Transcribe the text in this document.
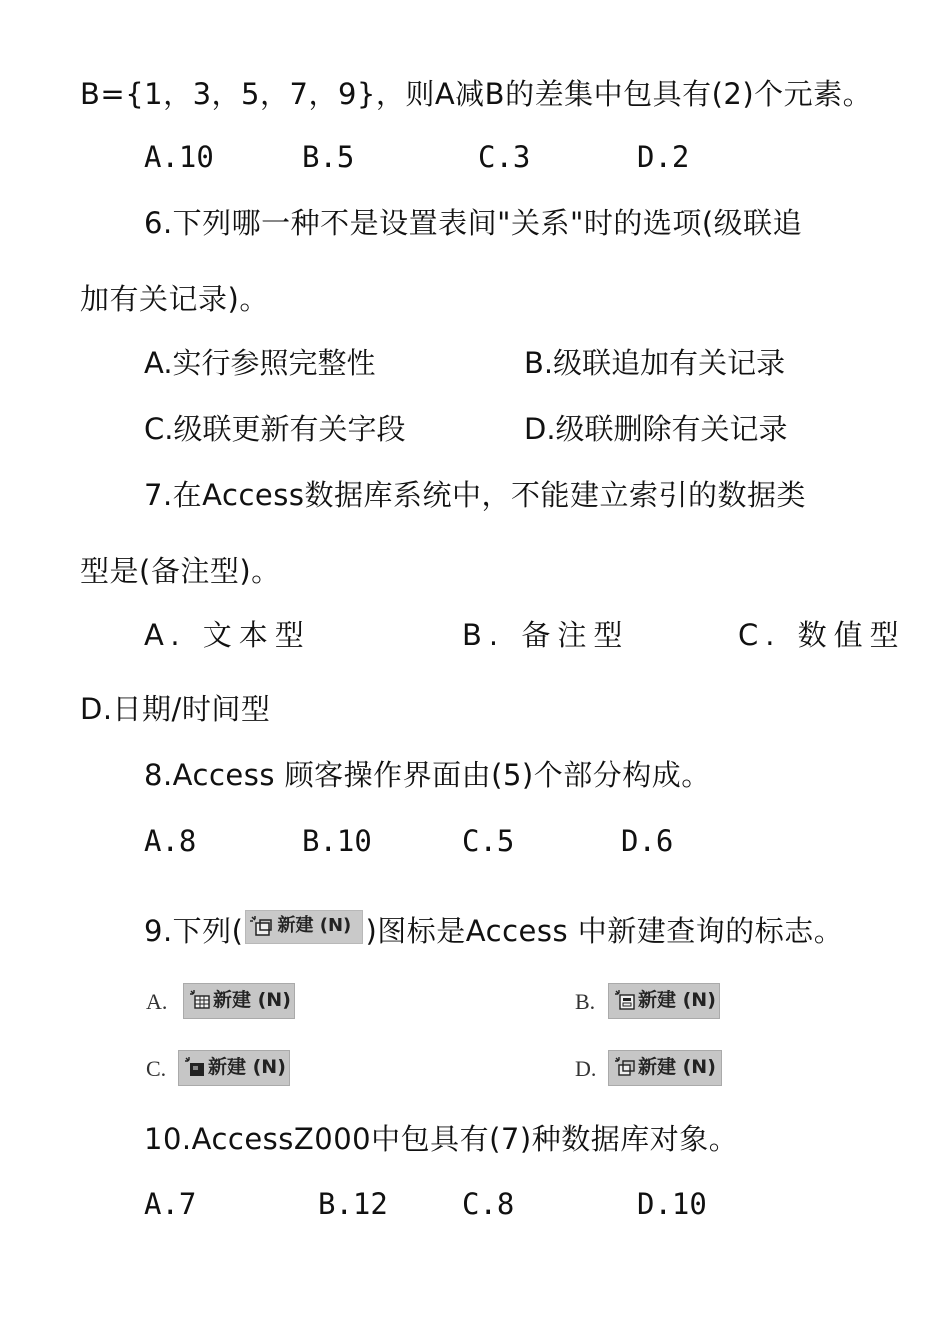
B={1，3，5，7，9}，则A减B的差集中包具有(2)个元素。
A.10	B.5	C.3	D.2
6.下列哪一种不是设置表间"关系"时的选项(级联追
加有关记录)。
A.实行参照完整性	B.级联追加有关记录
C.级联更新有关字段	D.级联删除有关记录
7.在Access数据库系统中，不能建立索引的数据类
型是(备注型)。
A. 文本型	B. 备注型	C. 数值型
D.日期/时间型
8.Access 顾客操作界面由(5)个部分构成。
A.8	B.10	C.5	D.6
9.下列( 新建 (N) )图标是Access 中新建查询的标志。
A. 新建 (N)	B. 新建 (N)
C. 新建 (N)	D. 新建 (N)
10.AccessZ000中包具有(7)种数据库对象。
A.7	B.12	C.8	D.10
